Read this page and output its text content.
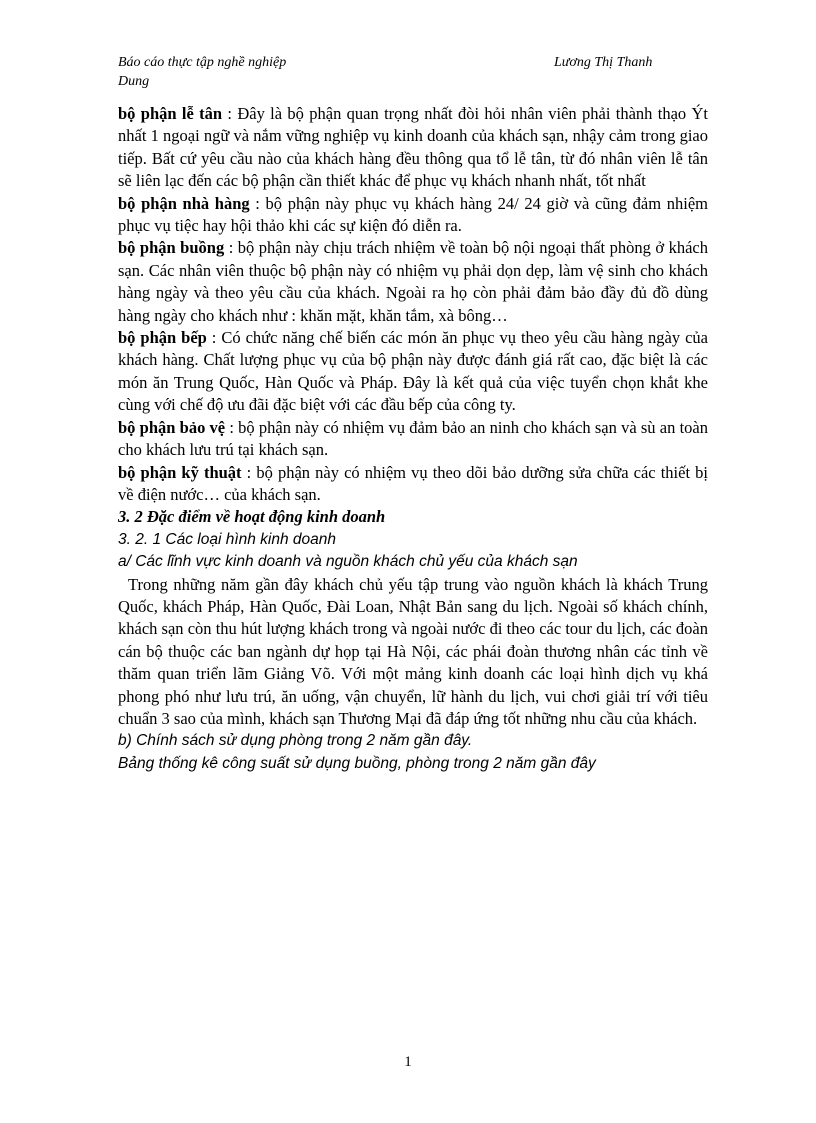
Báo cáo thực tập nghề nghiệp	Lương Thị Thanh
Dung

bộ phận lễ tân : Đây là bộ phận quan trọng nhất đòi hỏi nhân viên phải thành thạo Ýt nhất 1 ngoại ngữ và nắm vững nghiệp vụ kinh doanh của khách sạn, nhậy cảm trong giao tiếp. Bất cứ yêu cầu nào của khách hàng đều thông qua tổ lễ tân, từ đó nhân viên lễ tân sẽ liên lạc đến các bộ phận cần thiết khác để phục vụ khách nhanh nhất, tốt nhất

bộ phận nhà hàng : bộ phận này phục vụ khách hàng 24/ 24 giờ và cũng đảm nhiệm phục vụ tiệc hay hội thảo khi các sự kiện đó diễn ra.

bộ phận buồng : bộ phận này chịu trách nhiệm về toàn bộ nội ngoại thất phòng ở khách sạn. Các nhân viên thuộc bộ phận này có nhiệm vụ phải dọn dẹp, làm vệ sinh cho khách hàng ngày và theo yêu cầu của khách. Ngoài ra họ còn phải đảm bảo đầy đủ đồ dùng hàng ngày cho khách như : khăn mặt, khăn tắm, xà bông…

bộ phận bếp : Có chức năng chế biến các món ăn phục vụ theo yêu cầu hàng ngày của khách hàng. Chất lượng phục vụ của bộ phận này được đánh giá rất cao, đặc biệt là các món ăn Trung Quốc, Hàn Quốc và Pháp. Đây là kết quả của việc tuyển chọn khắt khe cùng với chế độ ưu đãi đặc biệt với các đầu bếp của công ty.

bộ phận bảo vệ : bộ phận này có nhiệm vụ đảm bảo an ninh cho khách sạn và sù an toàn cho khách lưu trú tại khách sạn.

bộ phận kỹ thuật : bộ phận này có nhiệm vụ theo dõi bảo dưỡng sửa chữa các thiết bị về điện nước… của khách sạn.

3. 2 Đặc điểm về hoạt động kinh doanh

3. 2. 1 Các loại hình kinh doanh

a/ Các lĩnh vực kinh doanh và nguồn khách chủ yếu của khách sạn

Trong những năm gần đây khách chủ yếu tập trung vào nguồn khách là khách Trung Quốc, khách Pháp, Hàn Quốc, Đài Loan, Nhật Bản sang du lịch. Ngoài số khách chính, khách sạn còn thu hút lượng khách trong và ngoài nước đi theo các tour du lịch, các đoàn cán bộ thuộc các ban ngành dự họp tại Hà Nội, các phái đoàn thương nhân các tỉnh về thăm quan triển lãm Giảng Võ. Với một mảng kinh doanh các loại hình dịch vụ khá phong phó như lưu trú, ăn uống, vận chuyển, lữ hành du lịch, vui chơi giải trí với tiêu chuẩn 3 sao của mình, khách sạn Thương Mại đã đáp ứng tốt những nhu cầu của khách.

b) Chính sách sử dụng phòng trong 2 năm gần đây.

Bảng thống kê công suất sử dụng buồng, phòng trong 2 năm gần đây

1
